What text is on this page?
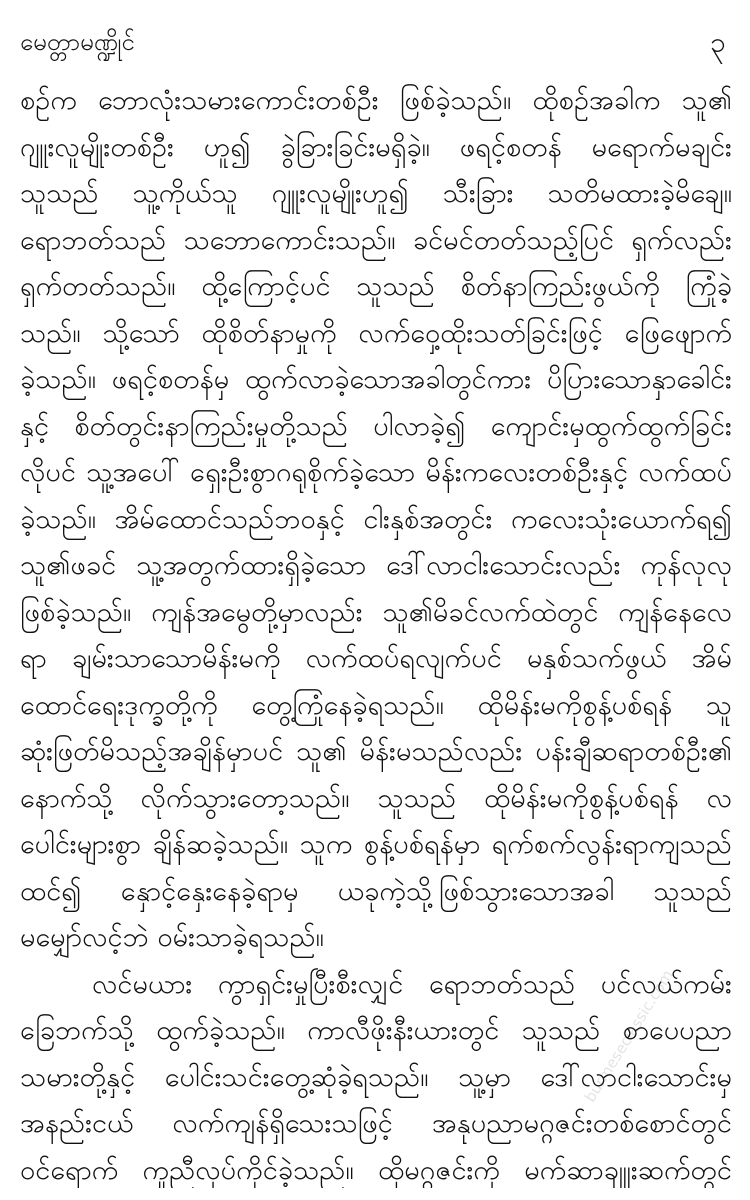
မေတ္တာမဏ္ဍိုင်	၃
စဉ်က ဘောလုံးသမားကောင်းတစ်ဦး ဖြစ်ခဲ့သည်။ ထိုစဉ်အခါက သူ၏
ဂျူးလူမျိုးတစ်ဦး ဟူ၍ ခွဲခြားခြင်းမရှိခဲ့။ ဖရင့်စတန် မရောက်မချင်း
သူသည် သူ့ကိုယ်သူ ဂျူးလူမျိုးဟူ၍ သီးခြား သတိမထားခဲ့မိချေ။
ရောဘတ်သည် သဘောကောင်းသည်။ ခင်မင်တတ်သည့်ပြင် ရှက်လည်း
ရှက်တတ်သည်။ ထို့ကြောင့်ပင် သူသည် စိတ်နာကြည်းဖွယ်ကို ကြုံခဲ့
သည်။ သို့သော် ထိုစိတ်နာမှုကို လက်ဝှေ့ထိုးသတ်ခြင်းဖြင့် ဖြေဖျောက်
ခဲ့သည်။ ဖရင့်စတန်မှ ထွက်လာခဲ့သောအခါတွင်ကား ပိပြားသောနှာခေါင်း
နှင့် စိတ်တွင်းနာကြည်းမှုတို့သည် ပါလာခဲ့၍ ကျောင်းမှထွက်ထွက်ခြင်း
လိုပင် သူ့အပေါ် ရှေးဦးစွာဂရုစိုက်ခဲ့သော မိန်းကလေးတစ်ဦးနှင့် လက်ထပ်
ခဲ့သည်။ အိမ်ထောင်သည်ဘဝနှင့် ငါးနှစ်အတွင်း ကလေးသုံးယောက်ရ၍
သူ၏ဖခင် သူ့အတွက်ထားရှိခဲ့သော ဒေါ်လာငါးသောင်းလည်း ကုန်လုလု
ဖြစ်ခဲ့သည်။ ကျန်အမွေတို့မှာလည်း သူ၏မိခင်လက်ထဲတွင် ကျန်နေလေ
ရာ ချမ်းသာသောမိန်းမကို လက်ထပ်ရလျက်ပင် မနှစ်သက်ဖွယ် အိမ်
ထောင်ရေးဒုက္ခတို့ကို တွေ့ကြုံနေခဲ့ရသည်။ ထိုမိန်းမကိုစွန့်ပစ်ရန် သူ
ဆုံးဖြတ်မိသည့်အချိန်မှာပင် သူ၏ မိန်းမသည်လည်း ပန်းချီဆရာတစ်ဦး၏
နောက်သို့ လိုက်သွားတော့သည်။ သူသည် ထိုမိန်းမကိုစွန့်ပစ်ရန် လ
ပေါင်းများစွာ ချိန်ဆခဲ့သည်။ သူက စွန့်ပစ်ရန်မှာ ရက်စက်လွန်းရာကျသည်
ထင်၍ နှောင့်နှေးနေခဲ့ရာမှ ယခုကဲ့သို့ဖြစ်သွားသောအခါ သူသည်
မမျှော်လင့်ဘဲ ဝမ်းသာခဲ့ရသည်။
လင်မယား ကွာရှင်းမှုပြီးစီးလျှင် ရောဘတ်သည် ပင်လယ်ကမ်း
ခြေဘက်သို့ ထွက်ခဲ့သည်။ ကာလီဖိုးနီးယားတွင် သူသည် စာပေပညာ
သမားတို့နှင့် ပေါင်းသင်းတွေ့ဆုံခဲ့ရသည်။ သူ့မှာ ဒေါ်လာငါးသောင်းမှ
အနည်းငယ် လက်ကျန်ရှိသေးသဖြင့် အနုပညာမဂ္ဂဇင်းတစ်စောင်တွင်
ဝင်ရောက် ကူညီလုပ်ကိုင်ခဲ့သည်။ ထိုမဂ္ဂဇင်းကို မက်ဆာချူးဆက်တွင်
burmeseclassic.com
